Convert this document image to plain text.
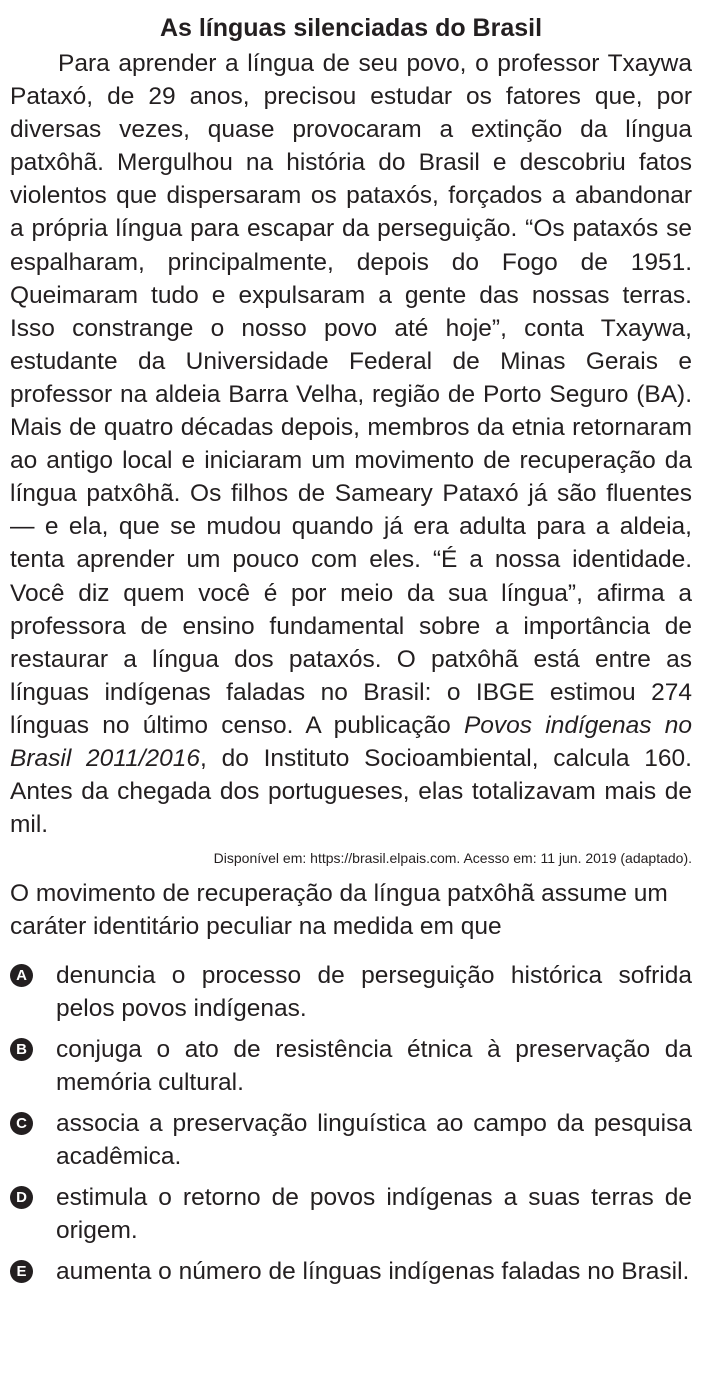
As línguas silenciadas do Brasil

Para aprender a língua de seu povo, o professor Txaywa Pataxó, de 29 anos, precisou estudar os fatores que, por diversas vezes, quase provocaram a extinção da língua patxôhã. Mergulhou na história do Brasil e descobriu fatos violentos que dispersaram os pataxós, forçados a abandonar a própria língua para escapar da perseguição. “Os pataxós se espalharam, principalmente, depois do Fogo de 1951. Queimaram tudo e expulsaram a gente das nossas terras. Isso constrange o nosso povo até hoje”, conta Txaywa, estudante da Universidade Federal de Minas Gerais e professor na aldeia Barra Velha, região de Porto Seguro (BA). Mais de quatro décadas depois, membros da etnia retornaram ao antigo local e iniciaram um movimento de recuperação da língua patxôhã. Os filhos de Sameary Pataxó já são fluentes — e ela, que se mudou quando já era adulta para a aldeia, tenta aprender um pouco com eles. “É a nossa identidade. Você diz quem você é por meio da sua língua”, afirma a professora de ensino fundamental sobre a importância de restaurar a língua dos pataxós. O patxôhã está entre as línguas indígenas faladas no Brasil: o IBGE estimou 274 línguas no último censo. A publicação Povos indígenas no Brasil 2011/2016, do Instituto Socioambiental, calcula 160. Antes da chegada dos portugueses, elas totalizavam mais de mil.

Disponível em: https://brasil.elpais.com. Acesso em: 11 jun. 2019 (adaptado).

O movimento de recuperação da língua patxôhã assume um caráter identitário peculiar na medida em que

A denuncia o processo de perseguição histórica sofrida pelos povos indígenas.
B conjuga o ato de resistência étnica à preservação da memória cultural.
C associa a preservação linguística ao campo da pesquisa acadêmica.
D estimula o retorno de povos indígenas a suas terras de origem.
E aumenta o número de línguas indígenas faladas no Brasil.
